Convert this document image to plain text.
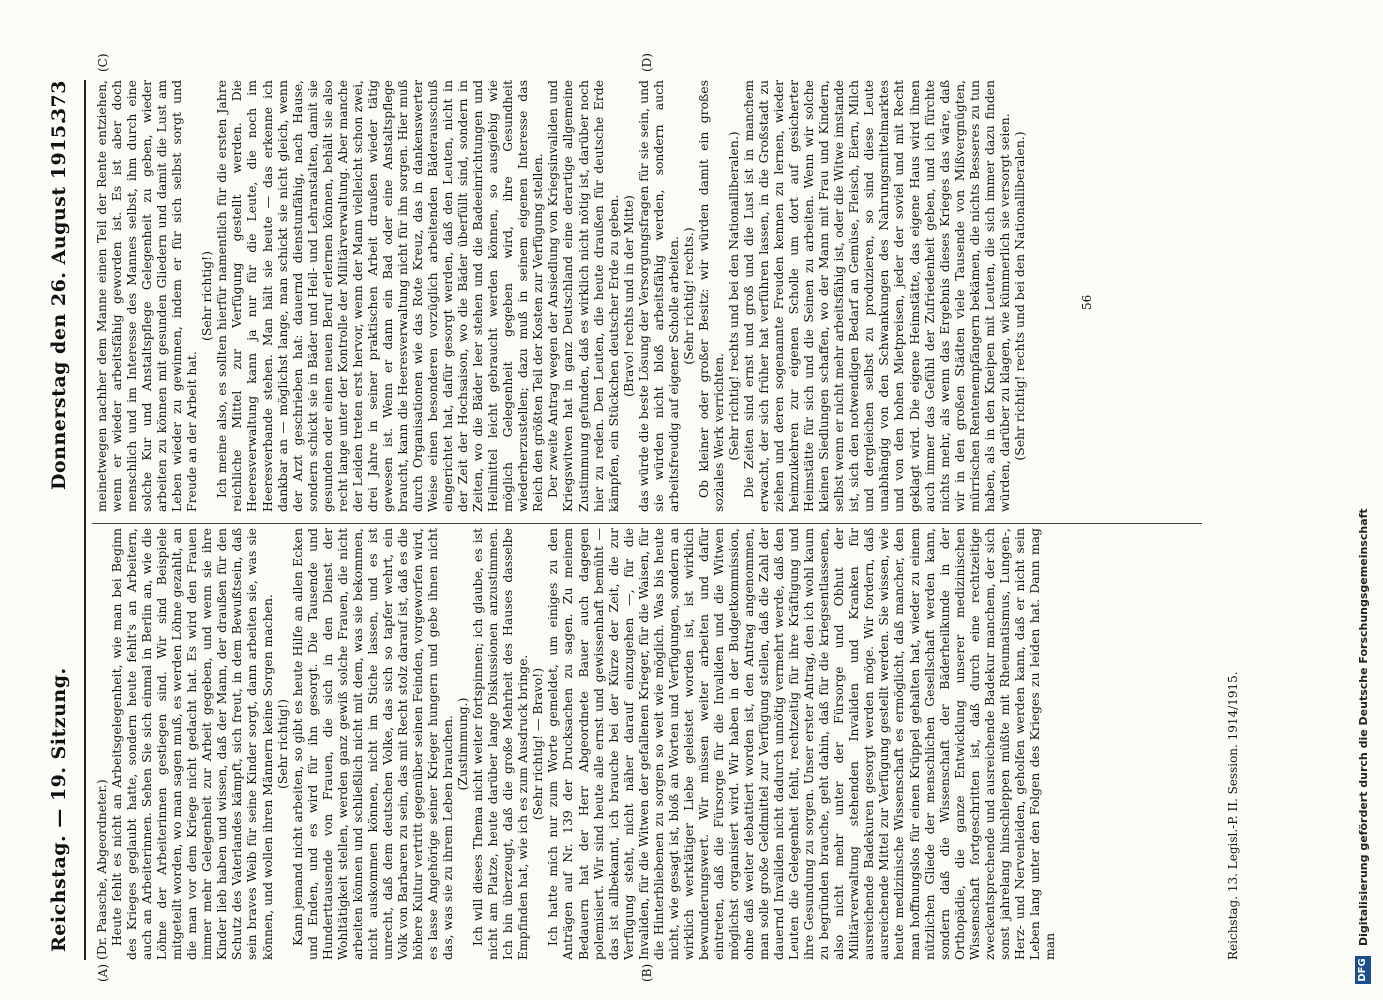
Reichstag. — 19. Sitzung.
Donnerstag den 26. August 1915.
373
(A)	(B)
(C)	(D)

(Dr. Paasche, Abgeordneter.) Heute fehlt es nicht an Arbeitsgelegenheit, wie man bei Beginn des Krieges geglaubt hatte, sondern heute fehlt's an Arbeitern, auch an Arbeiterinnen. Sehen Sie sich einmal in Berlin an, wie die Löhne der Arbeiterinnen gestiegen sind. Wir sind Beispiele mitgeteilt worden, wo man sagen muß, es werden Löhne gezahlt, an die man vor dem Kriege nicht gedacht hat. Es wird den Frauen immer mehr Gelegenheit zur Arbeit gegeben, und wenn sie ihre Kinder lieb haben und wissen, daß der Mann, der draußen für den Schutz des Vaterlandes kämpft, sich freut, in dem Bewußtsein, daß sein braves Weib für seine Kinder sorgt, dann arbeiten sie, was sie können, und wollen ihren Männern keine Sorgen machen. (Sehr richtig!) Kann jemand nicht arbeiten, so gibt es heute Hilfe an allen Ecken und Enden, und es wird für ihn gesorgt. Die Tausende und Hunderttausende von Frauen, die sich in den Dienst der Wohltätigkeit stellen, werden ganz gewiß solche Frauen, die nicht arbeiten können und schließlich nicht mit dem, was sie bekommen, nicht auskommen können, nicht im Stiche lassen, und es ist unrecht, daß dem deutschen Volke, das sich so tapfer wehrt, ein Volk von Barbaren zu sein, das mit Recht stolz darauf ist, daß es die höhere Kultur vertritt gegenüber seinen Feinden, vorgeworfen wird, es lasse Angehörige seiner Krieger hungern und gebe ihnen nicht das, was sie zu ihrem Leben brauchen. (Zustimmung.) Ich will dieses Thema nicht weiter fortspinnen; ich glaube, es ist nicht am Platze, heute darüber lange Diskussionen anzustimmen. Ich bin überzeugt, daß die große Mehrheit des Hauses dasselbe Empfinden hat, wie ich es zum Ausdruck bringe. (Sehr richtig! — Bravo!) Ich hatte mich nur zum Worte gemeldet, um einiges zu den Anträgen auf Nr. 139 der Drucksachen zu sagen. Zu meinem Bedauern hat der Herr Abgeordnete Bauer auch dagegen polemisiert. Wir sind heute alle ernst und gewissenhaft bemüht — das ist allbekannt, ich brauche bei der Kürze der Zeit, die zur Verfügung steht, nicht näher darauf einzugehen —, für die Invaliden, für die Witwen der gefallenen Krieger, für die Waisen, für die Hinterbliebenen zu sorgen so weit wie möglich. Was bis heute nicht, wie gesagt ist, bloß an Worten und Verfügungen, sondern an wirklich werktätiger Liebe geleistet worden ist, ist wirklich bewunderungswert. Wir müssen weiter arbeiten und dafür eintreten, daß die Fürsorge für die Invaliden und die Witwen möglichst organisiert wird. Wir haben in der Budgetkommission, ohne daß weiter debattiert worden ist, den Antrag angenommen, man solle große Geldmittel zur Verfügung stellen, daß die Zahl der dauernd Invaliden nicht dadurch unnötig vermehrt werde, daß den Leuten die Gelegenheit fehlt, rechtzeitig für ihre Kräftigung und ihre Gesundung zu sorgen. Unser erster Antrag, den ich wohl kaum zu begründen brauche, geht dahin, daß für die kriegsentlassenen, also nicht mehr unter der Fürsorge und Obhut der Militärverwaltung stehenden Invaliden und Kranken für ausreichende Badekuren gesorgt werden möge. Wir fordern, daß ausreichende Mittel zur Verfügung gestellt werden. Sie wissen, wie heute medizinische Wissenschaft es ermöglicht, daß mancher, den man hoffnungslos für einen Krüppel gehalten hat, wieder zu einem nützlichen Gliede der menschlichen Gesellschaft werden kann, sondern daß die Wissenschaft der Bäderheilkunde in der Orthopädie, die ganze Entwicklung unserer medizinischen Wissenschaft fortgeschritten ist, daß durch eine rechtzeitige zweckentsprechende und ausreichende Badekur manchem, der sich sonst jahrelang hinschleppen müßte mit Rheumatismus, Lungen-, Herz- und Nervenleiden, geholfen werden kann, daß er nicht sein Leben lang unter den Folgen des Krieges zu leiden hat. Dann mag man

meinetwegen nachher dem Manne einen Teil der Rente entziehen, wenn er wieder arbeitsfähig geworden ist. Es ist aber doch menschlich und im Interesse des Mannes selbst, ihm durch eine solche Kur und Anstaltspflege Gelegenheit zu geben, wieder arbeiten zu können mit gesunden Gliedern und damit die Lust am Leben wieder zu gewinnen, indem er für sich selbst sorgt und Freude an der Arbeit hat.

(Sehr richtig!) Ich meine also, es sollten hierfür namentlich für die ersten Jahre reichliche Mittel zur Verfügung gestellt werden. Die Heeresverwaltung kann ja nur für die Leute, die noch im Heeresverbande stehen. Man hält sie heute — das erkenne ich dankbar an — möglichst lange, man schickt sie nicht gleich, wenn der Arzt geschrieben hat: dauernd dienstunfähig, nach Hause, sondern schickt sie in Bäder und Heil- und Lehranstalten, damit sie gesunden oder einen neuen Beruf erlernen können, behält sie also recht lange unter der Kontrolle der Militärverwaltung. Aber manche der Leiden treten erst hervor, wenn der Mann vielleicht schon zwei, drei Jahre in seiner praktischen Arbeit draußen wieder tätig gewesen ist. Wenn er dann ein Bad oder eine Anstaltspflege braucht, kann die Heeresverwaltung nicht für ihn sorgen. Hier muß durch Organisationen wie das Rote Kreuz, das in dankenswerter Weise einen besonderen vorzüglich arbeitenden Bäderausschuß eingerichtet hat, dafür gesorgt werden, daß den Leuten, nicht in der Zeit der Hochsaison, wo die Bäder überfüllt sind, sondern in Zeiten, wo die Bäder leer stehen und die Badeeinrichtungen und Heilmittel leicht gebraucht werden können, so ausgiebig wie möglich Gelegenheit gegeben wird, ihre Gesundheit wiederherzustellen; dazu muß in seinem eigenen Interesse das Reich den größten Teil der Kosten zur Verfügung stellen. Der zweite Antrag wegen der Ansiedlung von Kriegsinvaliden und Kriegswitwen hat in ganz Deutschland eine derartige allgemeine Zustimmung gefunden, daß es wirklich nicht nötig ist, darüber noch hier zu reden. Den Leuten, die heute draußen für deutsche Erde kämpfen, ein Stückchen deutscher Erde zu geben. (Bravo! rechts und in der Mitte) das würde die beste Lösung der Versorgungsfragen für sie sein, und sie würden nicht bloß arbeitsfähig werden, sondern auch arbeitsfreudig auf eigener Scholle arbeiten. (Sehr richtig! rechts.) Ob kleiner oder großer Besitz: wir würden damit ein großes soziales Werk verrichten. (Sehr richtig! rechts und bei den Nationalliberalen.) Die Zeiten sind ernst und groß und die Lust ist in manchem erwacht, der sich früher hat verführen lassen, in die Großstadt zu ziehen und deren sogenannte Freuden kennen zu lernen, wieder heimzukehren zur eigenen Scholle um dort auf gesicherter Heimstätte für sich und die Seinen zu arbeiten. Wenn wir solche kleinen Siedlungen schaffen, wo der Mann mit Frau und Kindern, selbst wenn er nicht mehr arbeitsfähig ist, oder die Witwe imstande ist, sich den notwendigen Bedarf an Gemüse, Fleisch, Eiern, Milch und dergleichen selbst zu produzieren, so sind diese Leute unabhängig von den Schwankungen des Nahrungsmittelmarktes und von den hohen Mietpreisen, jeder der soviel und mit Recht geklagt wird. Die eigene Heimstätte, das eigene Haus wird ihnen auch immer das Gefühl der Zufriedenheit geben, und ich fürchte nichts mehr, als wenn das Ergebnis dieses Krieges das wäre, daß wir in den großen Städten viele Tausende von Mißvergnügten, mürrischen Rentenempfängern bekämen, die nichts Besseres zu tun haben, als in den Kneipen mit Leuten, die sich immer dazu finden würden, darüber zu klagen, wie kümmerlich sie versorgt seien. (Sehr richtig! rechts und bei den Nationalliberalen.)

Reichstag. 13. Legisl.-P. II. Session. 1914/1915.
56
DFG
Digitalisierung gefördert durch die Deutsche Forschungsgemeinschaft
